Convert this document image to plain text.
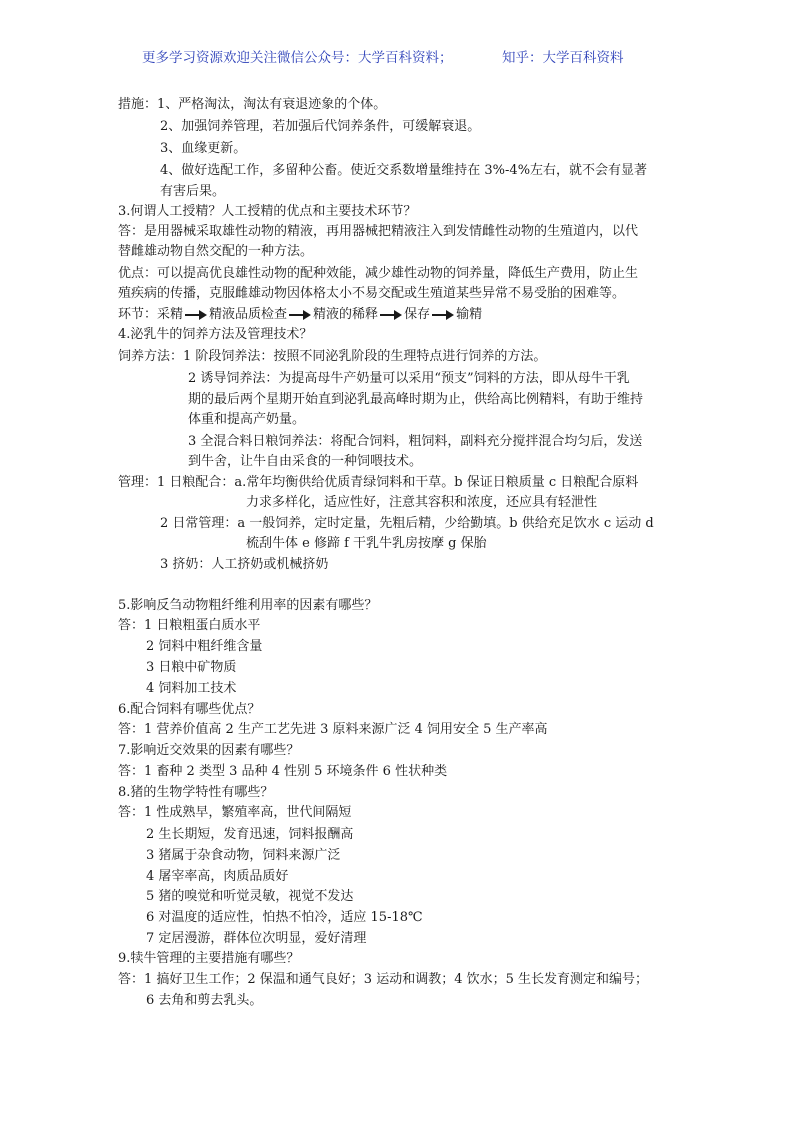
更多学习资源欢迎关注微信公众号：大学百科资料；	知乎：大学百科资料
措施：1、严格淘汰，淘汰有衰退迹象的个体。
2、加强饲养管理，若加强后代饲养条件，可缓解衰退。
3、血缘更新。
4、做好选配工作，多留种公畜。使近交系数增量维持在 3%-4%左右，就不会有显著
有害后果。
3.何谓人工授精？人工授精的优点和主要技术环节？
答：是用器械采取雄性动物的精液，再用器械把精液注入到发情雌性动物的生殖道内，以代
替雌雄动物自然交配的一种方法。
优点：可以提高优良雄性动物的配种效能，减少雄性动物的饲养量，降低生产费用，防止生
殖疾病的传播，克服雌雄动物因体格太小不易交配或生殖道某些异常不易受胎的困难等。
环节：采精 精液品质检查 精液的稀释 保存 输精
4.泌乳牛的饲养方法及管理技术？
饲养方法：1 阶段饲养法：按照不同泌乳阶段的生理特点进行饲养的方法。
2 诱导饲养法：为提高母牛产奶量可以采用“预支”饲料的方法，即从母牛干乳
期的最后两个星期开始直到泌乳最高峰时期为止，供给高比例精料，有助于维持
体重和提高产奶量。
3 全混合料日粮饲养法：将配合饲料，粗饲料，副料充分搅拌混合均匀后，发送
到牛舍，让牛自由采食的一种饲喂技术。
管理：1 日粮配合：a.常年均衡供给优质青绿饲料和干草。b 保证日粮质量 c 日粮配合原料
力求多样化，适应性好，注意其容积和浓度，还应具有轻泄性
2 日常管理：a 一般饲养，定时定量，先粗后精，少给勤填。b 供给充足饮水 c 运动 d
梳刮牛体 e 修蹄 f 干乳牛乳房按摩 g 保胎
3 挤奶：人工挤奶或机械挤奶
5.影响反刍动物粗纤维利用率的因素有哪些？
答：1 日粮粗蛋白质水平
2 饲料中粗纤维含量
3 日粮中矿物质
4 饲料加工技术
6.配合饲料有哪些优点？
答：1 营养价值高 2 生产工艺先进 3 原料来源广泛 4 饲用安全 5 生产率高
7.影响近交效果的因素有哪些？
答：1 畜种 2 类型 3 品种 4 性别 5 环境条件 6 性状种类
8.猪的生物学特性有哪些？
答：1 性成熟早，繁殖率高，世代间隔短
2 生长期短，发育迅速，饲料报酬高
3 猪属于杂食动物，饲料来源广泛
4 屠宰率高，肉质品质好
5 猪的嗅觉和听觉灵敏，视觉不发达
6 对温度的适应性，怕热不怕冷，适应 15-18℃
7 定居漫游，群体位次明显，爱好清理
9.犊牛管理的主要措施有哪些？
答：1 搞好卫生工作；2 保温和通气良好；3 运动和调教；4 饮水；5 生长发育测定和编号；
6 去角和剪去乳头。
